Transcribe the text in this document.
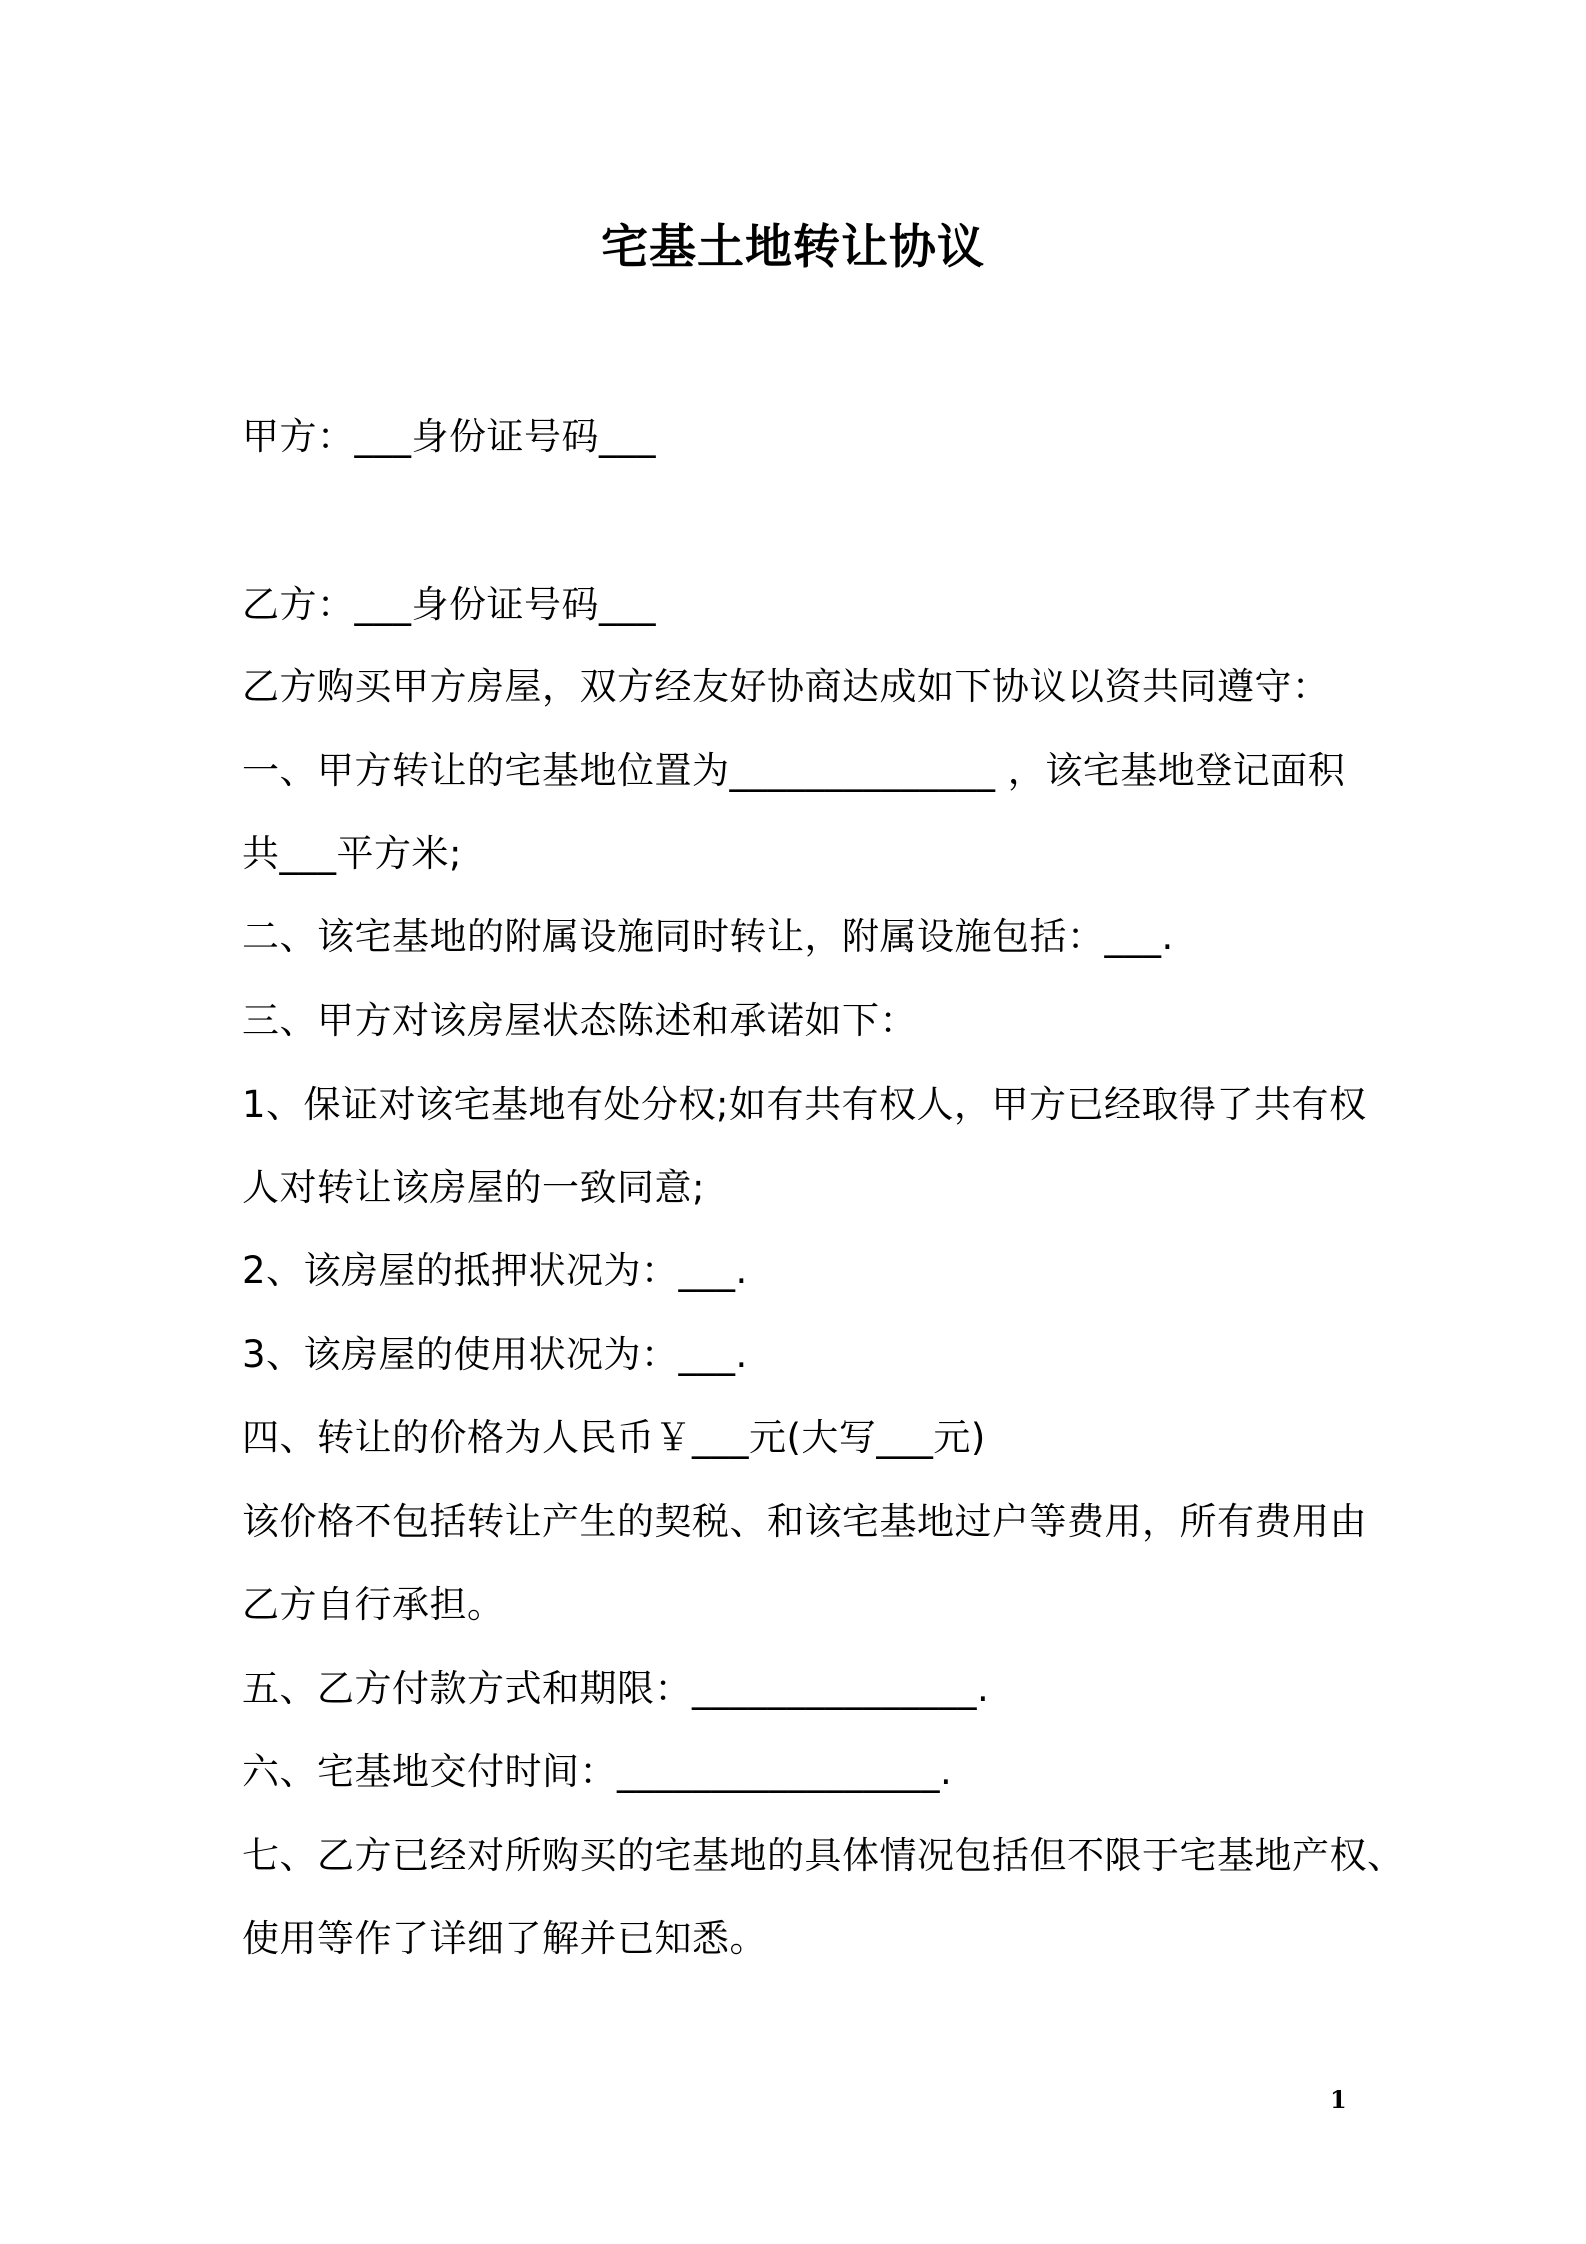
宅基土地转让协议
甲方：___身份证号码___
乙方：___身份证号码___
乙方购买甲方房屋，双方经友好协商达成如下协议以资共同遵守：
一、甲方转让的宅基地位置为______________ ，该宅基地登记面积
共___平方米;
二、该宅基地的附属设施同时转让，附属设施包括：___.
三、甲方对该房屋状态陈述和承诺如下：
1、保证对该宅基地有处分权;如有共有权人，甲方已经取得了共有权
人对转让该房屋的一致同意;
2、该房屋的抵押状况为：___.
3、该房屋的使用状况为：___.
四、转让的价格为人民币￥___元(大写___元)
该价格不包括转让产生的契税、和该宅基地过户等费用，所有费用由
乙方自行承担。
五、乙方付款方式和期限：_______________.
六、宅基地交付时间：_________________.
七、乙方已经对所购买的宅基地的具体情况包括但不限于宅基地产权、
使用等作了详细了解并已知悉。
1
